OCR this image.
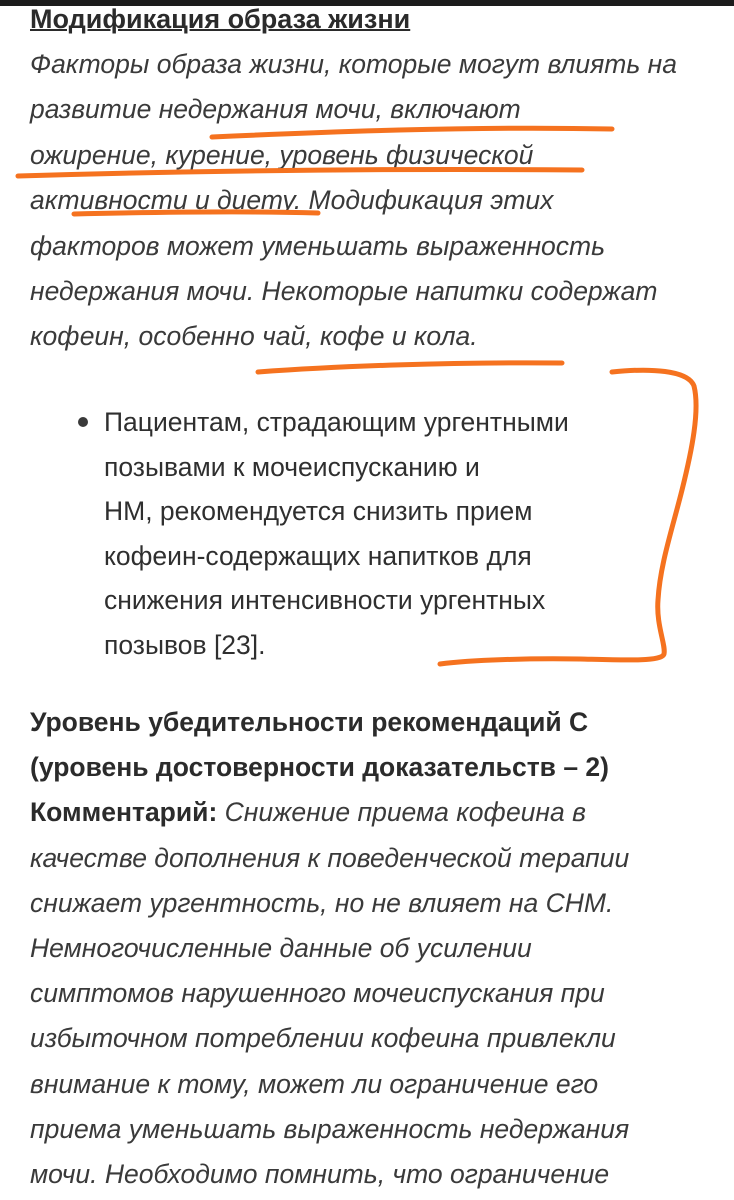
Модификация образа жизни
Факторы образа жизни, которые могут влиять на
развитие недержания мочи, включают
ожирение, курение, уровень физической
активности и диету. Модификация этих
факторов может уменьшать выраженность
недержания мочи. Некоторые напитки содержат
кофеин, особенно чай, кофе и кола.
Пациентам, страдающим ургентными
позывами к мочеиспусканию и
НМ, рекомендуется снизить прием
кофеин-содержащих напитков для
снижения интенсивности ургентных
позывов [23].
Уровень убедительности рекомендаций С
(уровень достоверности доказательств – 2)
Комментарий: Снижение приема кофеина в
качестве дополнения к поведенческой терапии
снижает ургентность, но не влияет на СНМ.
Немногочисленные данные об усилении
симптомов нарушенного мочеиспускания при
избыточном потреблении кофеина привлекли
внимание к тому, может ли ограничение его
приема уменьшать выраженность недержания
мочи. Необходимо помнить, что ограничение
